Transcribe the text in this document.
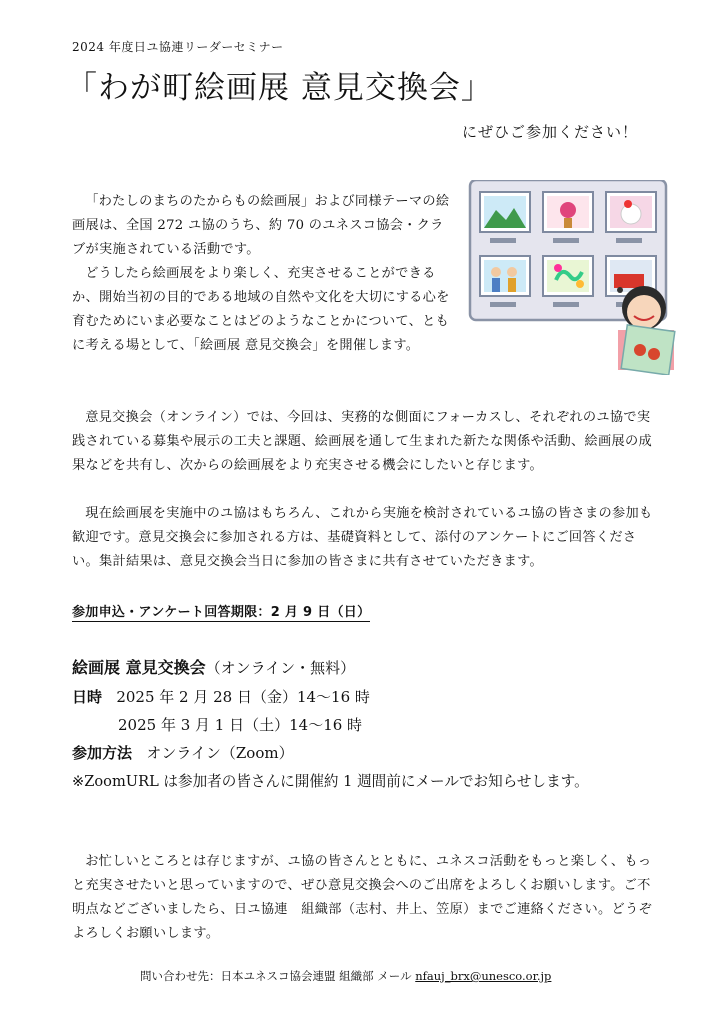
2024 年度日ユ協連リーダーセミナー
「わが町絵画展 意見交換会」
にぜひご参加ください！
「わたしのまちのたからもの絵画展」および同様テーマの絵画展は、全国 272 ユ協のうち、約 70 のユネスコ協会・クラブが実施されている活動です。
どうしたら絵画展をより楽しく、充実させることができるか、開始当初の目的である地域の自然や文化を大切にする心を育むためにいま必要なことはどのようなことかについて、ともに考える場として、「絵画展 意見交換会」を開催します。
意見交換会（オンライン）では、今回は、実務的な側面にフォーカスし、それぞれのユ協で実践されている募集や展示の工夫と課題、絵画展を通して生まれた新たな関係や活動、絵画展の成果などを共有し、次からの絵画展をより充実させる機会にしたいと存じます。
現在絵画展を実施中のユ協はもちろん、これから実施を検討されているユ協の皆さまの参加も歓迎です。意見交換会に参加される方は、基礎資料として、添付のアンケートにご回答ください。集計結果は、意見交換会当日に参加の皆さまに共有させていただきます。
参加申込・アンケート回答期限：2 月 9 日（日）
絵画展 意見交換会（オンライン・無料）
日時 2025 年 2 月 28 日（金）14～16 時
2025 年 3 月 1 日（土）14～16 時
参加方法 オンライン（Zoom）
※ZoomURL は参加者の皆さんに開催約 1 週間前にメールでお知らせします。
お忙しいところとは存じますが、ユ協の皆さんとともに、ユネスコ活動をもっと楽しく、もっと充実させたいと思っていますので、ぜひ意見交換会へのご出席をよろしくお願いします。ご不明点などございましたら、日ユ協連　組織部（志村、井上、笠原）までご連絡ください。どうぞよろしくお願いします。
問い合わせ先：日本ユネスコ協会連盟 組織部 メール nfauj_brx@unesco.or.jp
